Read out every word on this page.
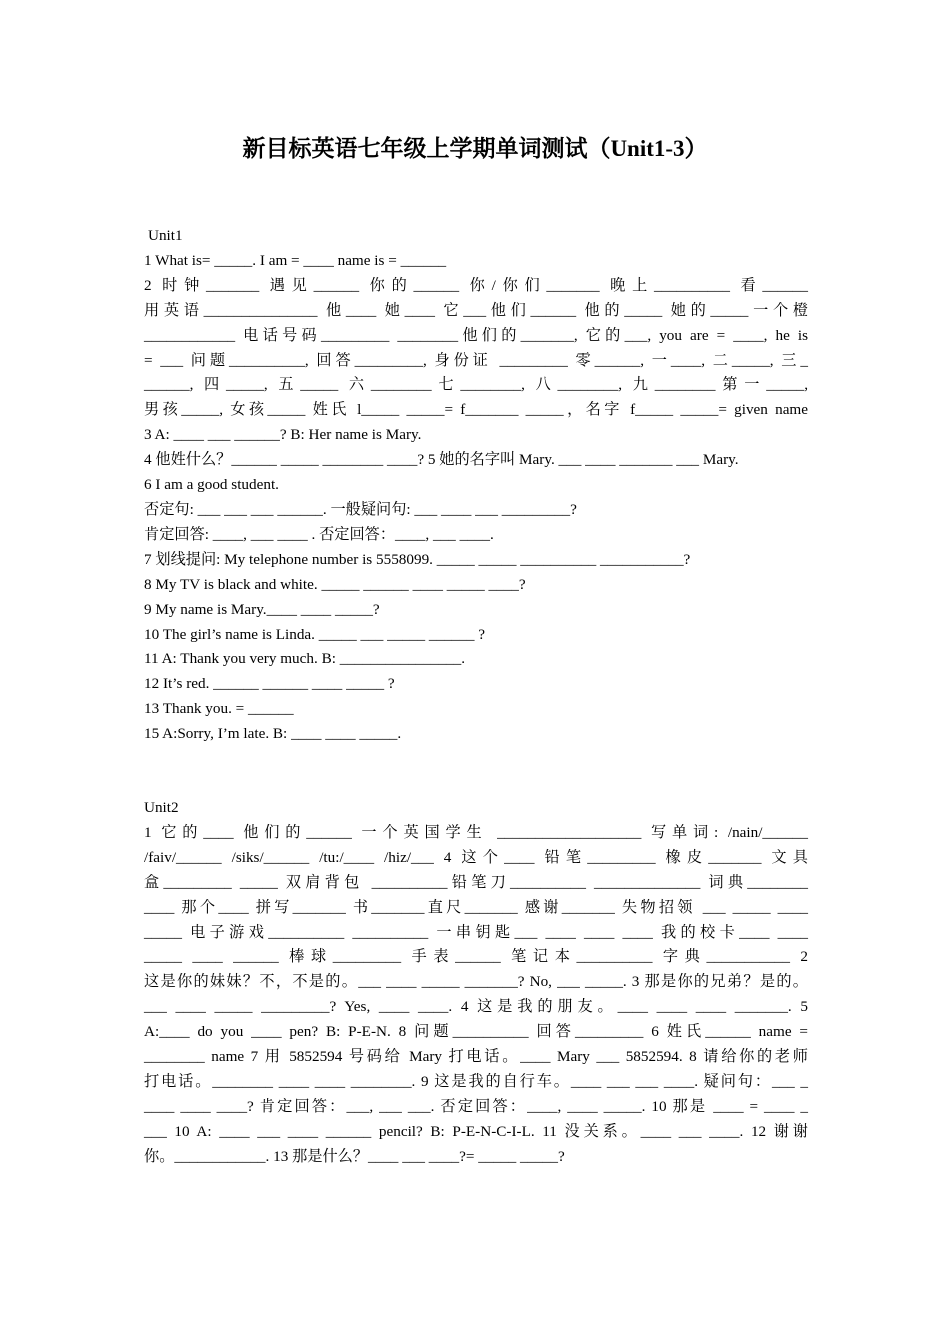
新目标英语七年级上学期单词测试（Unit1-3）

Unit1

1 What is= _____. I am = ____ name is = ______

2 时钟_______ 遇见______ 你的______ 你/你们_______ 晚上__________ 看______

用英语_______________ 他____ 她____ 它___他们______ 他的_____ 她的_____一个橙

____________ 电话号码_________ ________他们的_______, 它的___, you are = ____, he is

= ___ 问题__________, 回答_________, 身份证 _________ 零______, 一____, 二_____, 三_

______, 四_____, 五_____ 六________七________, 八________, 九________第一_____,

男孩_____, 女孩_____ 姓氏 l_____ _____= f_______ _____，名字 f_____ _____= given name

3 A: ____ ___ ______? B: Her name is Mary.

4 他姓什么？______ _____ ________ ____? 5 她的名字叫 Mary. ___ ____ _______ ___ Mary.

6 I am a good student.

否定句: ___ ___ ___ ______. 一般疑问句: ___ ____ ___ _________?

肯定回答: ____, ___ ____ . 否定回答：____, ___ ____.

7 划线提问: My telephone number is 5558099. _____ _____ __________ ___________?

8 My TV is black and white. _____ ______ ____ _____ ____?

9 My name is Mary.____ ____ _____?

10 The girl’s name is Linda. _____ ___ _____ ______ ?

11 A: Thank you very much. B: ________________.

12 It’s red. ______ ______ ____ _____ ?

13 Thank you. = ______

15 A:Sorry, I’m late. B: ____ ____ _____.

Unit2

1 它的____ 他们的______ 一个英国学生 ___________________ 写单词: /nain/______

/faiv/______ /siks/______ /tu:/____ /hiz/___ 4 这个____ 铅笔_________ 橡皮_______ 文具

盒_________ _____ 双肩背包 __________铅笔刀__________ ______________ 词典________

____ 那个____ 拼写_______ 书_______直尺_______ 感谢_______ 失物招领 ___ _____ ____

_____ 电子游戏__________ __________ 一串钥匙___ ____ ____ ____ 我的校卡____ ____

_____ ____ ______ 棒球_________ 手表______ 笔记本__________ 字典___________ 2

这是你的妹妹？不，不是的。___ ____ _____ _______? No, ___ _____. 3 那是你的兄弟？是的。

___ ____ _____ _________? Yes, ____ ____. 4 这是我的朋友。____ ____ ____ _______. 5

A:____ do you ____ pen? B: P-E-N. 8 问题__________ 回答_________ 6 姓氏______ name =

________ name 7 用 5852594 号码给 Mary 打电话。____ Mary ___ 5852594. 8 请给你的老师

打电话。________ ____ ____ ________. 9 这是我的自行车。____ ___ ___ ____. 疑问句：___ _

____ ____ ____? 肯定回答：___, ___ ___. 否定回答：____, ____ _____. 10 那是 ____ = ____ _

___ 10 A: ____ ___ ____ ______ pencil? B: P-E-N-C-I-L. 11 没关系。____ ___ ____. 12 谢谢

你。____________. 13 那是什么？____ ___ ____?= _____ _____?
